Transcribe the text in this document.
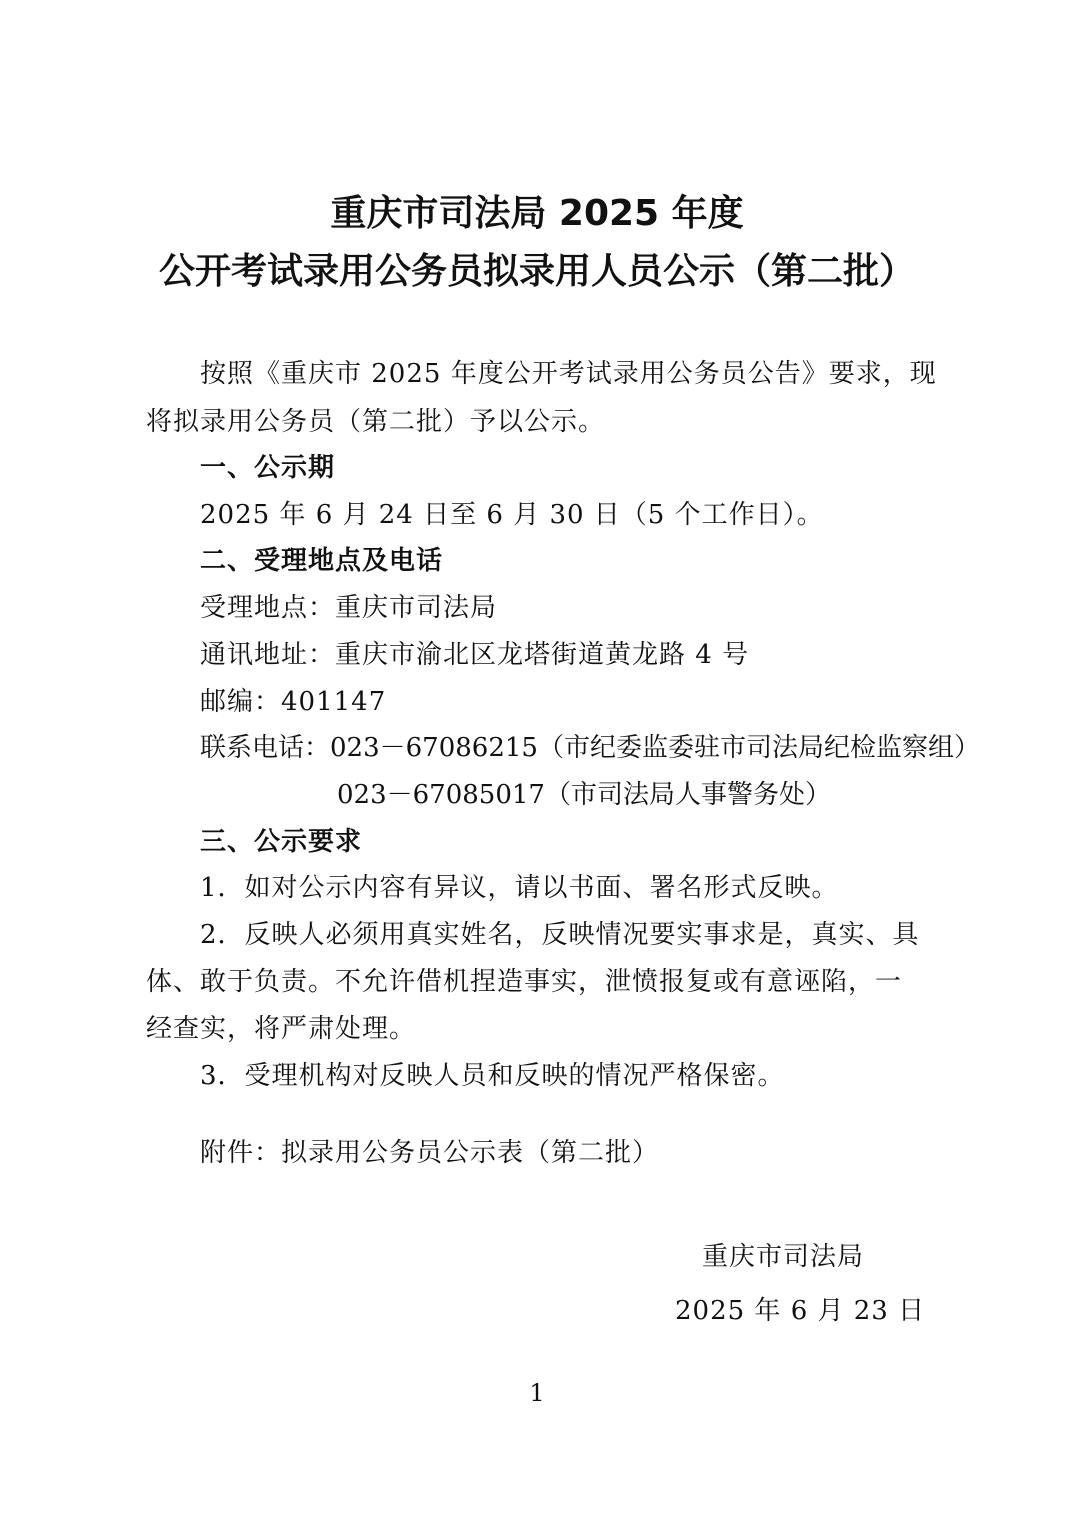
重庆市司法局 2025 年度
公开考试录用公务员拟录用人员公示（第二批）
按照《重庆市 2025 年度公开考试录用公务员公告》要求，现
将拟录用公务员（第二批）予以公示。
一、公示期
2025 年 6 月 24 日至 6 月 30 日（5 个工作日）。
二、受理地点及电话
受理地点：重庆市司法局
通讯地址：重庆市渝北区龙塔街道黄龙路 4 号
邮编：401147
联系电话：023－67086215（市纪委监委驻市司法局纪检监察组）
023－67085017（市司法局人事警务处）
三、公示要求
1．如对公示内容有异议，请以书面、署名形式反映。
2．反映人必须用真实姓名，反映情况要实事求是，真实、具
体、敢于负责。不允许借机捏造事实，泄愤报复或有意诬陷，一
经查实，将严肃处理。
3．受理机构对反映人员和反映的情况严格保密。
附件：拟录用公务员公示表（第二批）
重庆市司法局
2025 年 6 月 23 日
1
